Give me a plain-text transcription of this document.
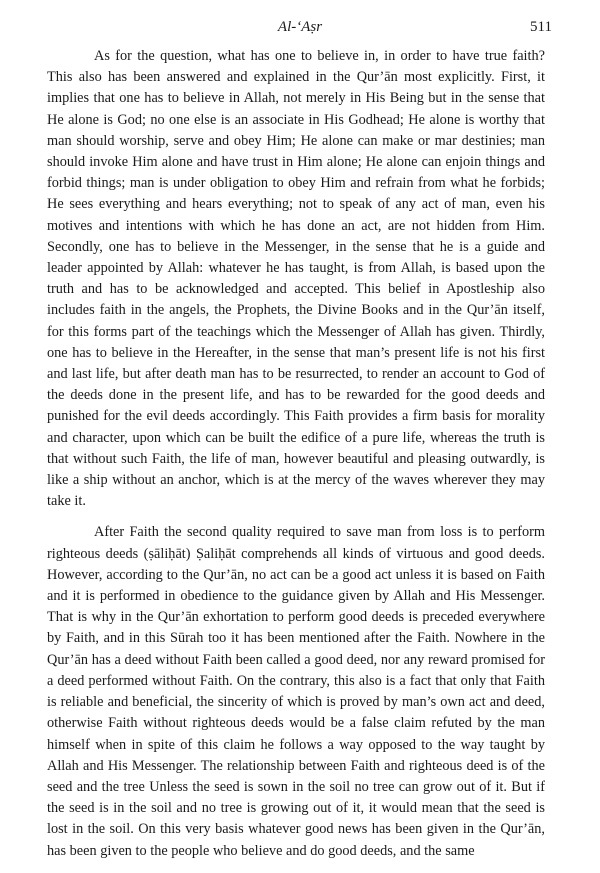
Al-‘Aṣr	511

As for the question, what has one to believe in, in order to have true faith? This also has been answered and explained in the Qur’ān most explicitly. First, it implies that one has to believe in Allah, not merely in His Being but in the sense that He alone is God; no one else is an associate in His Godhead; He alone is worthy that man should worship, serve and obey Him; He alone can make or mar destinies; man should invoke Him alone and have trust in Him alone; He alone can enjoin things and forbid things; man is under obligation to obey Him and refrain from what he forbids; He sees everything and hears everything; not to speak of any act of man, even his motives and intentions with which he has done an act, are not hidden from Him. Secondly, one has to believe in the Messenger, in the sense that he is a guide and leader appointed by Allah: whatever he has taught, is from Allah, is based upon the truth and has to be acknowledged and accepted. This belief in Apostleship also includes faith in the angels, the Prophets, the Divine Books and in the Qur’ān itself, for this forms part of the teachings which the Messenger of Allah has given. Thirdly, one has to believe in the Hereafter, in the sense that man’s present life is not his first and last life, but after death man has to be resurrected, to render an account to God of the deeds done in the present life, and has to be rewarded for the good deeds and punished for the evil deeds accordingly. This Faith provides a firm basis for morality and character, upon which can be built the edifice of a pure life, whereas the truth is that without such Faith, the life of man, however beautiful and pleasing outwardly, is like a ship without an anchor, which is at the mercy of the waves wherever they may take it.

After Faith the second quality required to save man from loss is to perform righteous deeds (ṣāliḥāt) Ṣaliḥāt comprehends all kinds of virtuous and good deeds. However, according to the Qur’ān, no act can be a good act unless it is based on Faith and it is performed in obedience to the guidance given by Allah and His Messenger. That is why in the Qur’ān exhortation to perform good deeds is preceded everywhere by Faith, and in this Sūrah too it has been mentioned after the Faith. Nowhere in the Qur’ān has a deed without Faith been called a good deed, nor any reward promised for a deed performed without Faith. On the contrary, this also is a fact that only that Faith is reliable and beneficial, the sincerity of which is proved by man’s own act and deed, otherwise Faith without righteous deeds would be a false claim refuted by the man himself when in spite of this claim he follows a way opposed to the way taught by Allah and His Messenger. The relationship between Faith and righteous deed is of the seed and the tree Unless the seed is sown in the soil no tree can grow out of it. But if the seed is in the soil and no tree is growing out of it, it would mean that the seed is lost in the soil. On this very basis whatever good news has been given in the Qur’ān, has been given to the people who believe and do good deeds, and the same
